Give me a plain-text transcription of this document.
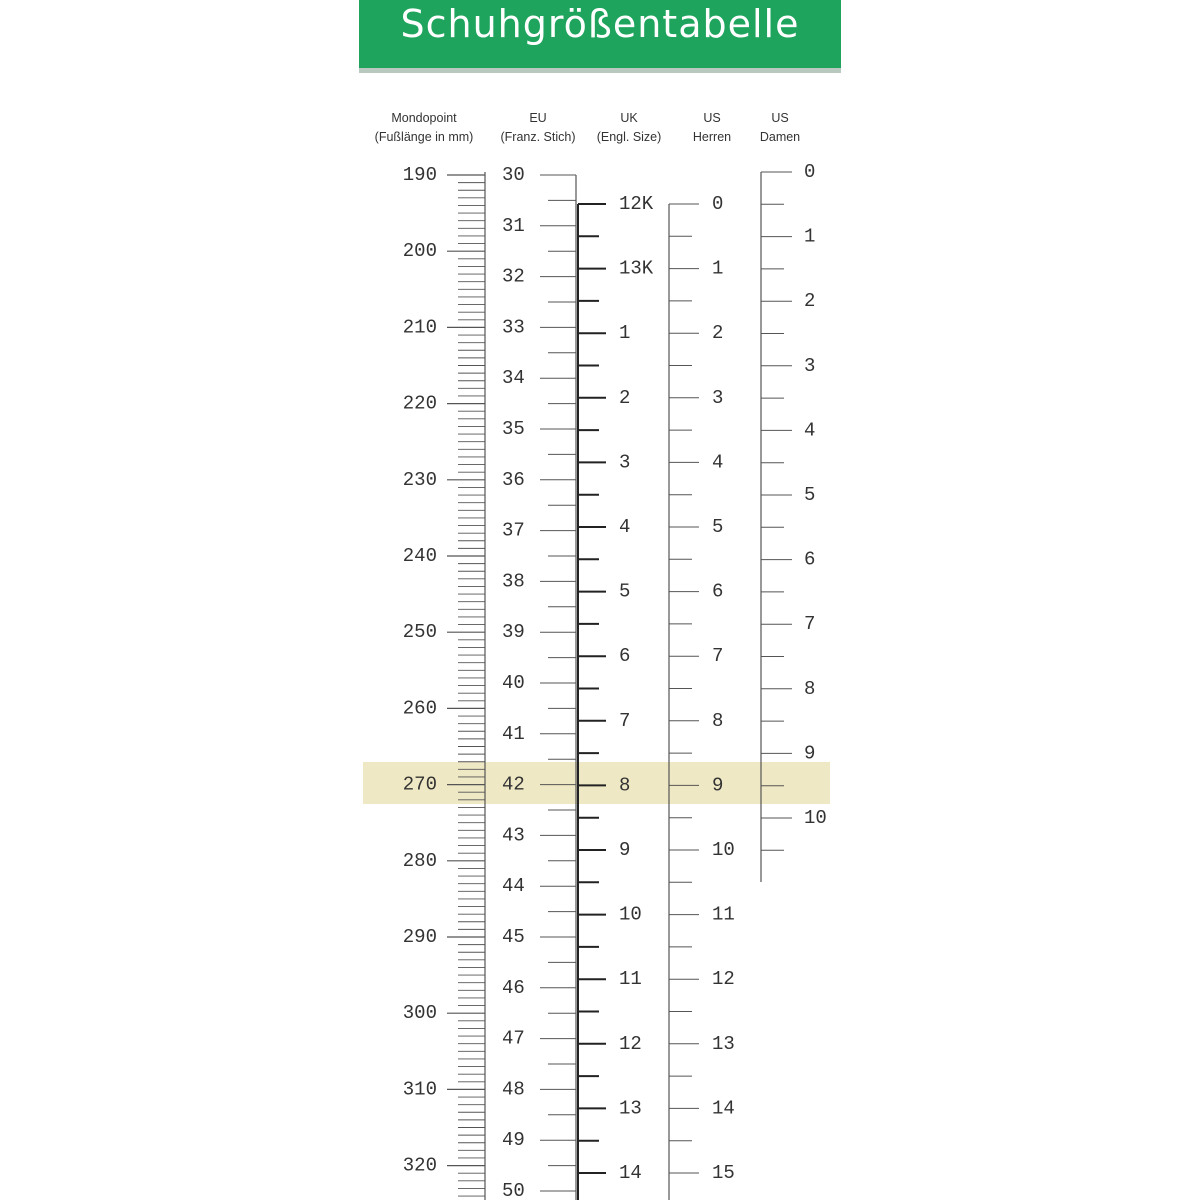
Schuhgrößentabelle
Mondopoint
(Fußlänge in mm)
EU
(Franz. Stich)
UK
(Engl. Size)
US
Herren
US
Damen
190
200
210
220
230
240
250
260
270
280
290
300
310
320
30
31
32
33
34
35
36
37
38
39
40
41
42
43
44
45
46
47
48
49
50
12K
13K
1
2
3
4
5
6
7
8
9
10
11
12
13
14
0
1
2
3
4
5
6
7
8
9
10
11
12
13
14
15
0
1
2
3
4
5
6
7
8
9
10
